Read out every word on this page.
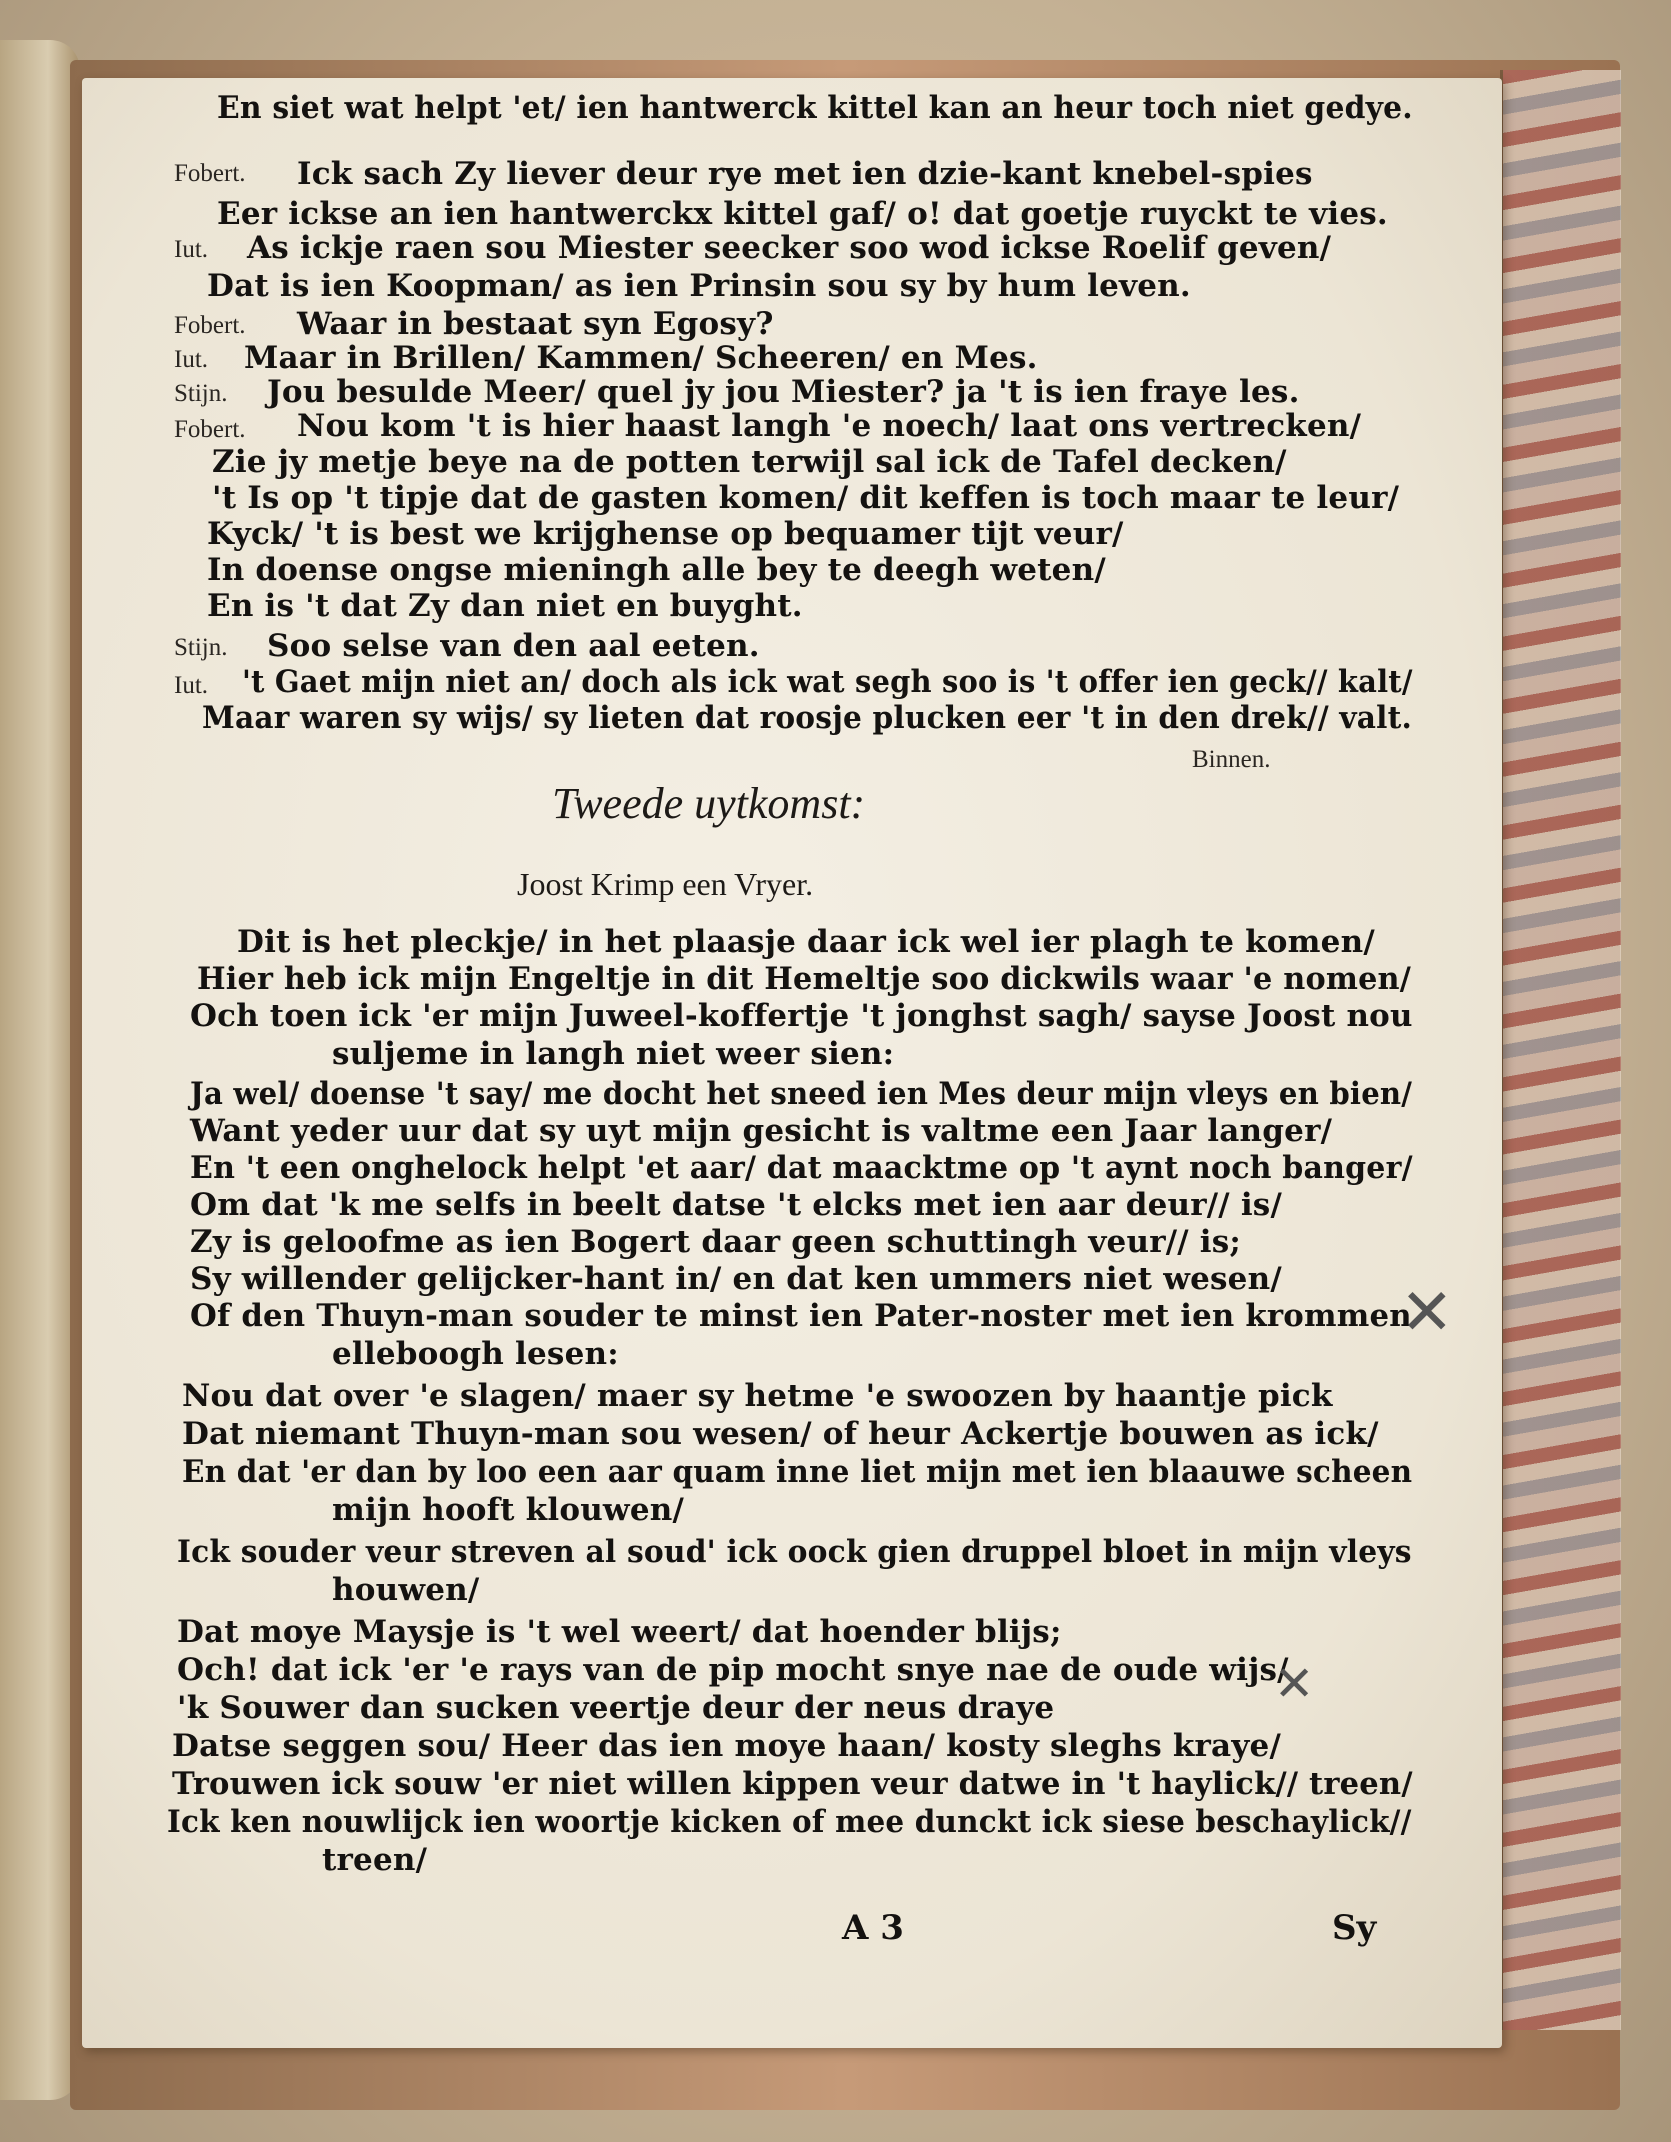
En siet wat helpt 'et/ ien hantwerck kittel kan an heur toch niet gedye.
Fobert. Ick sach Zy liever deur rye met ien dzie-kant knebel-spies
Eer ickse an ien hantwerckx kittel gaf/ o! dat goetje ruyckt te vies.
Iut. As ickje raen sou Miester seecker soo wod ickse Roelif geven/
Dat is ien Koopman/ as ien Prinsin sou sy by hum leven.
Fobert. Waar in bestaat syn Egosy?
Iut. Maar in Brillen/ Kammen/ Scheeren/ en Mes.
Stijn. Jou besulde Meer/ quel jy jou Miester? ja 't is ien fraye les.
Fobert. Nou kom 't is hier haast langh 'e noech/ laat ons vertrecken/
Zie jy metje beye na de potten terwijl sal ick de Tafel decken/
't Is op 't tipje dat de gasten komen/ dit keffen is toch maar te leur/
Kyck/ 't is best we krijghense op bequamer tijt veur/
In doense ongse mieningh alle bey te deegh weten/
En is 't dat Zy dan niet en buyght.
Stijn. Soo selse van den aal eeten.
Iut. 't Gaet mijn niet an/ doch als ick wat segh soo is 't offer ien geck// kalt/
Maar waren sy wijs/ sy lieten dat roosje plucken eer 't in den drek// valt.
Binnen.
Tweede uytkomst:
Joost Krimp een Vryer.
Dit is het pleckje/ in het plaasje daar ick wel ier plagh te komen/
Hier heb ick mijn Engeltje in dit Hemeltje soo dickwils waar 'e nomen/
Och toen ick 'er mijn Juweel-koffertje 't jonghst sagh/ sayse Joost nou
suljeme in langh niet weer sien:
Ja wel/ doense 't say/ me docht het sneed ien Mes deur mijn vleys en bien/
Want yeder uur dat sy uyt mijn gesicht is valtme een Jaar langer/
En 't een onghelock helpt 'et aar/ dat maacktme op 't aynt noch banger/
Om dat 'k me selfs in beelt datse 't elcks met ien aar deur// is/
Zy is geloofme as ien Bogert daar geen schuttingh veur// is;
Sy willender gelijcker-hant in/ en dat ken ummers niet wesen/
Of den Thuyn-man souder te minst ien Pater-noster met ien krommen
elleboogh lesen:
Nou dat over 'e slagen/ maer sy hetme 'e swoozen by haantje pick
Dat niemant Thuyn-man sou wesen/ of heur Ackertje bouwen as ick/
En dat 'er dan by loo een aar quam inne liet mijn met ien blaauwe scheen
mijn hooft klouwen/
Ick souder veur streven al soud' ick oock gien druppel bloet in mijn vleys
houwen/
Dat moye Maysje is 't wel weert/ dat hoender blijs;
Och! dat ick 'er 'e rays van de pip mocht snye nae de oude wijs/
'k Souwer dan sucken veertje deur der neus draye
Datse seggen sou/ Heer das ien moye haan/ kosty sleghs kraye/
Trouwen ick souw 'er niet willen kippen veur datwe in 't haylick// treen/
Ick ken nouwlijck ien woortje kicken of mee dunckt ick siese beschaylick//
treen/
✕
✕
A 3	Sy
